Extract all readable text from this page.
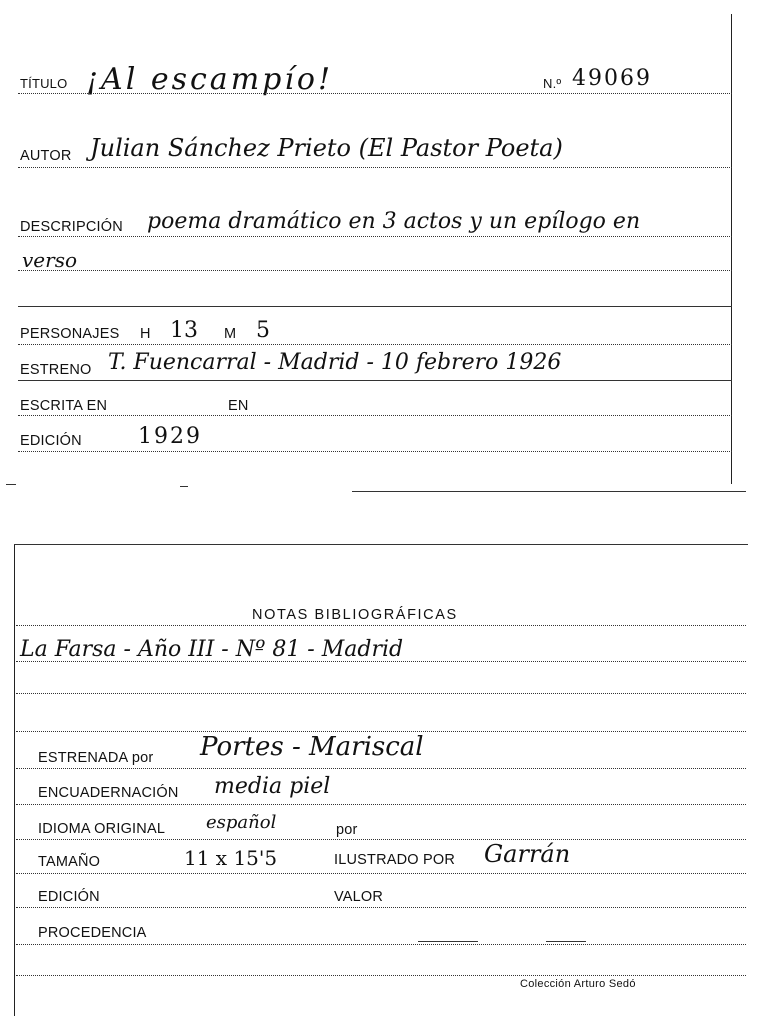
TÍTULO ¡Al escampío!	N.º 49069
AUTOR Julian Sánchez Prieto (El Pastor Poeta)
DESCRIPCIÓN poema dramático en 3 actos y un epílogo en
verso
PERSONAJES H 13 M 5
ESTRENO T. Fuencarral - Madrid - 10 febrero 1926
ESCRITA EN	EN
EDICIÓN	1929
NOTAS BIBLIOGRÁFICAS
La Farsa - Año III - Nº 81 - Madrid
ESTRENADA por Portes - Mariscal
ENCUADERNACIÓN media piel
IDIOMA ORIGINAL español	por
TAMAÑO	11 x 15'5	ILUSTRADO POR Garrán
EDICIÓN	VALOR
PROCEDENCIA
Colección Arturo Sedó
